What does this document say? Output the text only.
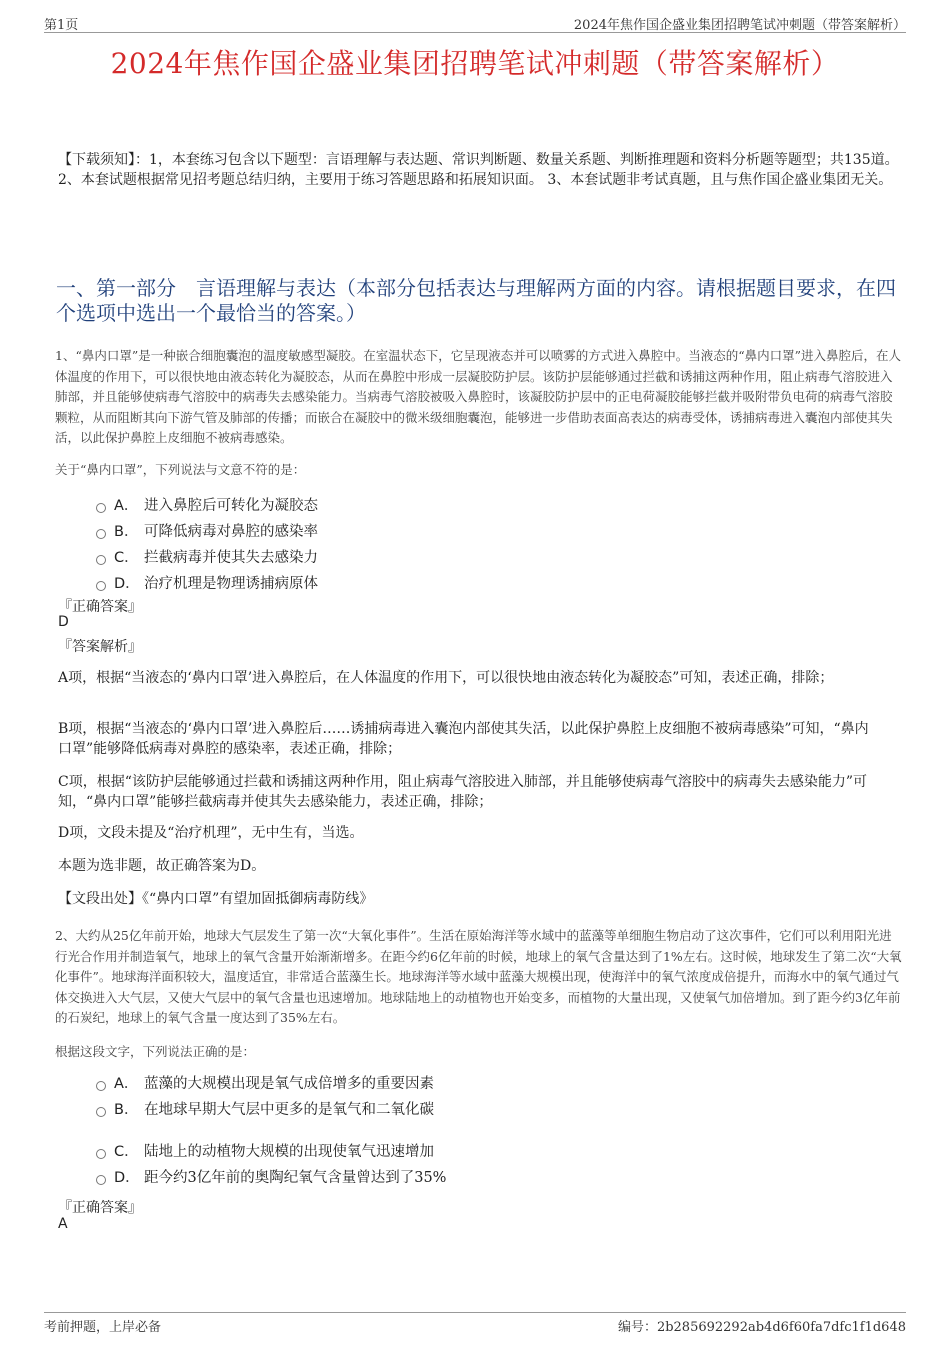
第1页	2024年焦作国企盛业集团招聘笔试冲刺题（带答案解析）
2024年焦作国企盛业集团招聘笔试冲刺题（带答案解析）
【下载须知】：1，本套练习包含以下题型：言语理解与表达题、常识判断题、数量关系题、判断推理题和资料分析题等题型；共135道。 2、本套试题根据常见招考题总结归纳，主要用于练习答题思路和拓展知识面。 3、本套试题非考试真题，且与焦作国企盛业集团无关。
一、第一部分　言语理解与表达（本部分包括表达与理解两方面的内容。请根据题目要求，在四个选项中选出一个最恰当的答案。）
1、“鼻内口罩”是一种嵌合细胞囊泡的温度敏感型凝胶。在室温状态下，它呈现液态并可以喷雾的方式进入鼻腔中。当液态的“鼻内口罩”进入鼻腔后，在人体温度的作用下，可以很快地由液态转化为凝胶态，从而在鼻腔中形成一层凝胶防护层。该防护层能够通过拦截和诱捕这两种作用，阻止病毒气溶胶进入肺部，并且能够使病毒气溶胶中的病毒失去感染能力。当病毒气溶胶被吸入鼻腔时，该凝胶防护层中的正电荷凝胶能够拦截并吸附带负电荷的病毒气溶胶颗粒，从而阻断其向下游气管及肺部的传播；而嵌合在凝胶中的微米级细胞囊泡，能够进一步借助表面高表达的病毒受体，诱捕病毒进入囊泡内部使其失活，以此保护鼻腔上皮细胞不被病毒感染。
关于“鼻内口罩”，下列说法与文意不符的是：
A． 进入鼻腔后可转化为凝胶态
B． 可降低病毒对鼻腔的感染率
C． 拦截病毒并使其失去感染力
D． 治疗机理是物理诱捕病原体
『正确答案』
D
『答案解析』
A项，根据“当液态的‘鼻内口罩’进入鼻腔后，在人体温度的作用下，可以很快地由液态转化为凝胶态”可知，表述正确，排除；
B项，根据“当液态的‘鼻内口罩’进入鼻腔后……诱捕病毒进入囊泡内部使其失活，以此保护鼻腔上皮细胞不被病毒感染”可知，“鼻内口罩”能够降低病毒对鼻腔的感染率，表述正确，排除；
C项，根据“该防护层能够通过拦截和诱捕这两种作用，阻止病毒气溶胶进入肺部，并且能够使病毒气溶胶中的病毒失去感染能力”可知，“鼻内口罩”能够拦截病毒并使其失去感染能力，表述正确，排除；
D项，文段未提及“治疗机理”，无中生有，当选。
本题为选非题，故正确答案为D。
【文段出处】《“鼻内口罩”有望加固抵御病毒防线》
2、大约从25亿年前开始，地球大气层发生了第一次“大氧化事件”。生活在原始海洋等水域中的蓝藻等单细胞生物启动了这次事件，它们可以利用阳光进行光合作用并制造氧气，地球上的氧气含量开始渐渐增多。在距今约6亿年前的时候，地球上的氧气含量达到了1%左右。这时候，地球发生了第二次“大氧化事件”。地球海洋面积较大，温度适宜，非常适合蓝藻生长。地球海洋等水域中蓝藻大规模出现，使海洋中的氧气浓度成倍提升，而海水中的氧气通过气体交换进入大气层，又使大气层中的氧气含量也迅速增加。地球陆地上的动植物也开始变多，而植物的大量出现，又使氧气加倍增加。到了距今约3亿年前的石炭纪，地球上的氧气含量一度达到了35%左右。
根据这段文字，下列说法正确的是：
A． 蓝藻的大规模出现是氧气成倍增多的重要因素
B． 在地球早期大气层中更多的是氧气和二氧化碳
C． 陆地上的动植物大规模的出现使氧气迅速增加
D． 距今约3亿年前的奥陶纪氧气含量曾达到了35%
『正确答案』
A
考前押题，上岸必备	编号：2b285692292ab4d6f60fa7dfc1f1d648
